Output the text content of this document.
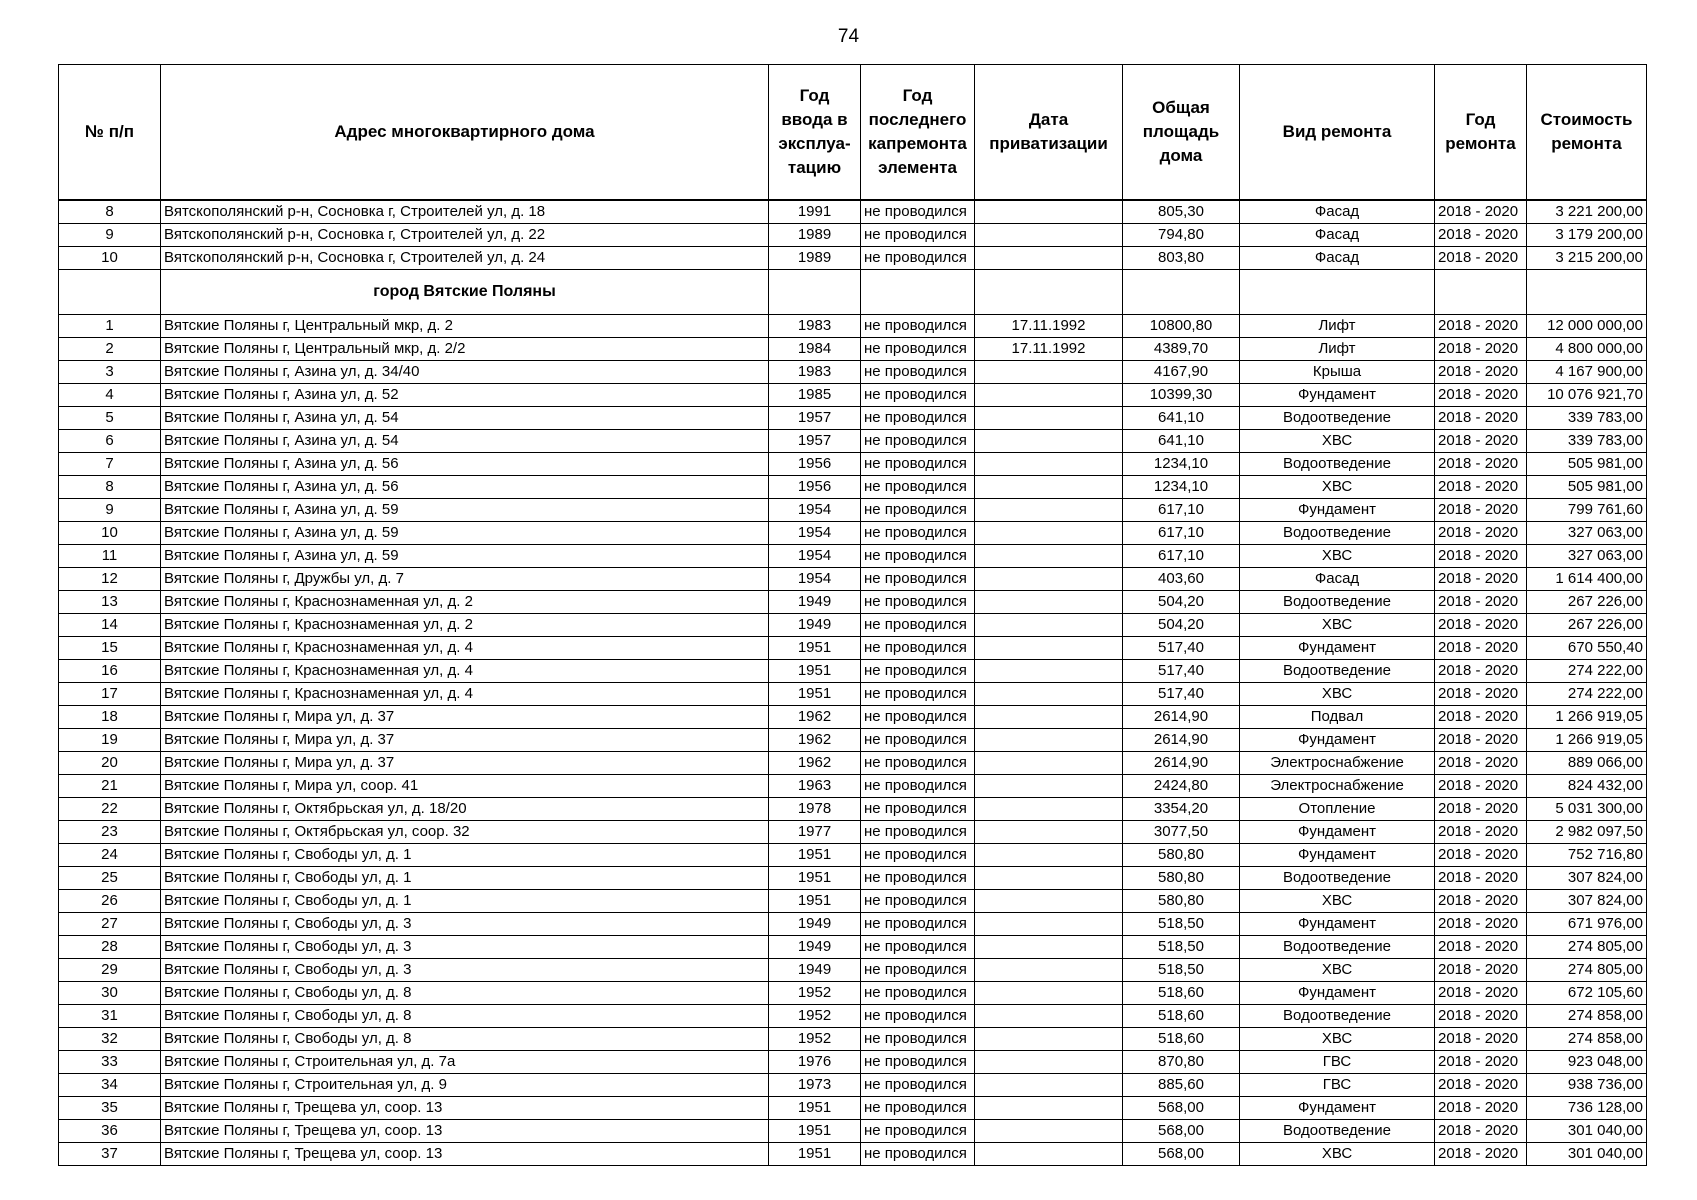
74
№ п/п	Адрес многоквартирного дома	Год ввода в эксплуа-тацию	Год последнего капремонта элемента	Дата приватизации	Общая площадь дома	Вид ремонта	Год ремонта	Стоимость ремонта
8	Вятскополянский р-н, Сосновка г, Строителей ул, д. 18	1991	не проводился		805,30	Фасад	2018 - 2020	3 221 200,00
9	Вятскополянский р-н, Сосновка г, Строителей ул, д. 22	1989	не проводился		794,80	Фасад	2018 - 2020	3 179 200,00
10	Вятскополянский р-н, Сосновка г, Строителей ул, д. 24	1989	не проводился		803,80	Фасад	2018 - 2020	3 215 200,00
	город Вятские Поляны							
1	Вятские Поляны г, Центральный мкр, д. 2	1983	не проводился	17.11.1992	10800,80	Лифт	2018 - 2020	12 000 000,00
2	Вятские Поляны г, Центральный мкр, д. 2/2	1984	не проводился	17.11.1992	4389,70	Лифт	2018 - 2020	4 800 000,00
3	Вятские Поляны г, Азина ул, д. 34/40	1983	не проводился		4167,90	Крыша	2018 - 2020	4 167 900,00
4	Вятские Поляны г, Азина ул, д. 52	1985	не проводился		10399,30	Фундамент	2018 - 2020	10 076 921,70
5	Вятские Поляны г, Азина ул, д. 54	1957	не проводился		641,10	Водоотведение	2018 - 2020	339 783,00
6	Вятские Поляны г, Азина ул, д. 54	1957	не проводился		641,10	ХВС	2018 - 2020	339 783,00
7	Вятские Поляны г, Азина ул, д. 56	1956	не проводился		1234,10	Водоотведение	2018 - 2020	505 981,00
8	Вятские Поляны г, Азина ул, д. 56	1956	не проводился		1234,10	ХВС	2018 - 2020	505 981,00
9	Вятские Поляны г, Азина ул, д. 59	1954	не проводился		617,10	Фундамент	2018 - 2020	799 761,60
10	Вятские Поляны г, Азина ул, д. 59	1954	не проводился		617,10	Водоотведение	2018 - 2020	327 063,00
11	Вятские Поляны г, Азина ул, д. 59	1954	не проводился		617,10	ХВС	2018 - 2020	327 063,00
12	Вятские Поляны г, Дружбы ул, д. 7	1954	не проводился		403,60	Фасад	2018 - 2020	1 614 400,00
13	Вятские Поляны г, Краснознаменная ул, д. 2	1949	не проводился		504,20	Водоотведение	2018 - 2020	267 226,00
14	Вятские Поляны г, Краснознаменная ул, д. 2	1949	не проводился		504,20	ХВС	2018 - 2020	267 226,00
15	Вятские Поляны г, Краснознаменная ул, д. 4	1951	не проводился		517,40	Фундамент	2018 - 2020	670 550,40
16	Вятские Поляны г, Краснознаменная ул, д. 4	1951	не проводился		517,40	Водоотведение	2018 - 2020	274 222,00
17	Вятские Поляны г, Краснознаменная ул, д. 4	1951	не проводился		517,40	ХВС	2018 - 2020	274 222,00
18	Вятские Поляны г, Мира ул, д. 37	1962	не проводился		2614,90	Подвал	2018 - 2020	1 266 919,05
19	Вятские Поляны г, Мира ул, д. 37	1962	не проводился		2614,90	Фундамент	2018 - 2020	1 266 919,05
20	Вятские Поляны г, Мира ул, д. 37	1962	не проводился		2614,90	Электроснабжение	2018 - 2020	889 066,00
21	Вятские Поляны г, Мира ул, соор. 41	1963	не проводился		2424,80	Электроснабжение	2018 - 2020	824 432,00
22	Вятские Поляны г, Октябрьская ул, д. 18/20	1978	не проводился		3354,20	Отопление	2018 - 2020	5 031 300,00
23	Вятские Поляны г, Октябрьская ул, соор. 32	1977	не проводился		3077,50	Фундамент	2018 - 2020	2 982 097,50
24	Вятские Поляны г, Свободы ул, д. 1	1951	не проводился		580,80	Фундамент	2018 - 2020	752 716,80
25	Вятские Поляны г, Свободы ул, д. 1	1951	не проводился		580,80	Водоотведение	2018 - 2020	307 824,00
26	Вятские Поляны г, Свободы ул, д. 1	1951	не проводился		580,80	ХВС	2018 - 2020	307 824,00
27	Вятские Поляны г, Свободы ул, д. 3	1949	не проводился		518,50	Фундамент	2018 - 2020	671 976,00
28	Вятские Поляны г, Свободы ул, д. 3	1949	не проводился		518,50	Водоотведение	2018 - 2020	274 805,00
29	Вятские Поляны г, Свободы ул, д. 3	1949	не проводился		518,50	ХВС	2018 - 2020	274 805,00
30	Вятские Поляны г, Свободы ул, д. 8	1952	не проводился		518,60	Фундамент	2018 - 2020	672 105,60
31	Вятские Поляны г, Свободы ул, д. 8	1952	не проводился		518,60	Водоотведение	2018 - 2020	274 858,00
32	Вятские Поляны г, Свободы ул, д. 8	1952	не проводился		518,60	ХВС	2018 - 2020	274 858,00
33	Вятские Поляны г, Строительная ул, д. 7а	1976	не проводился		870,80	ГВС	2018 - 2020	923 048,00
34	Вятские Поляны г, Строительная ул, д. 9	1973	не проводился		885,60	ГВС	2018 - 2020	938 736,00
35	Вятские Поляны г, Трещева ул, соор. 13	1951	не проводился		568,00	Фундамент	2018 - 2020	736 128,00
36	Вятские Поляны г, Трещева ул, соор. 13	1951	не проводился		568,00	Водоотведение	2018 - 2020	301 040,00
37	Вятские Поляны г, Трещева ул, соор. 13	1951	не проводился		568,00	ХВС	2018 - 2020	301 040,00
